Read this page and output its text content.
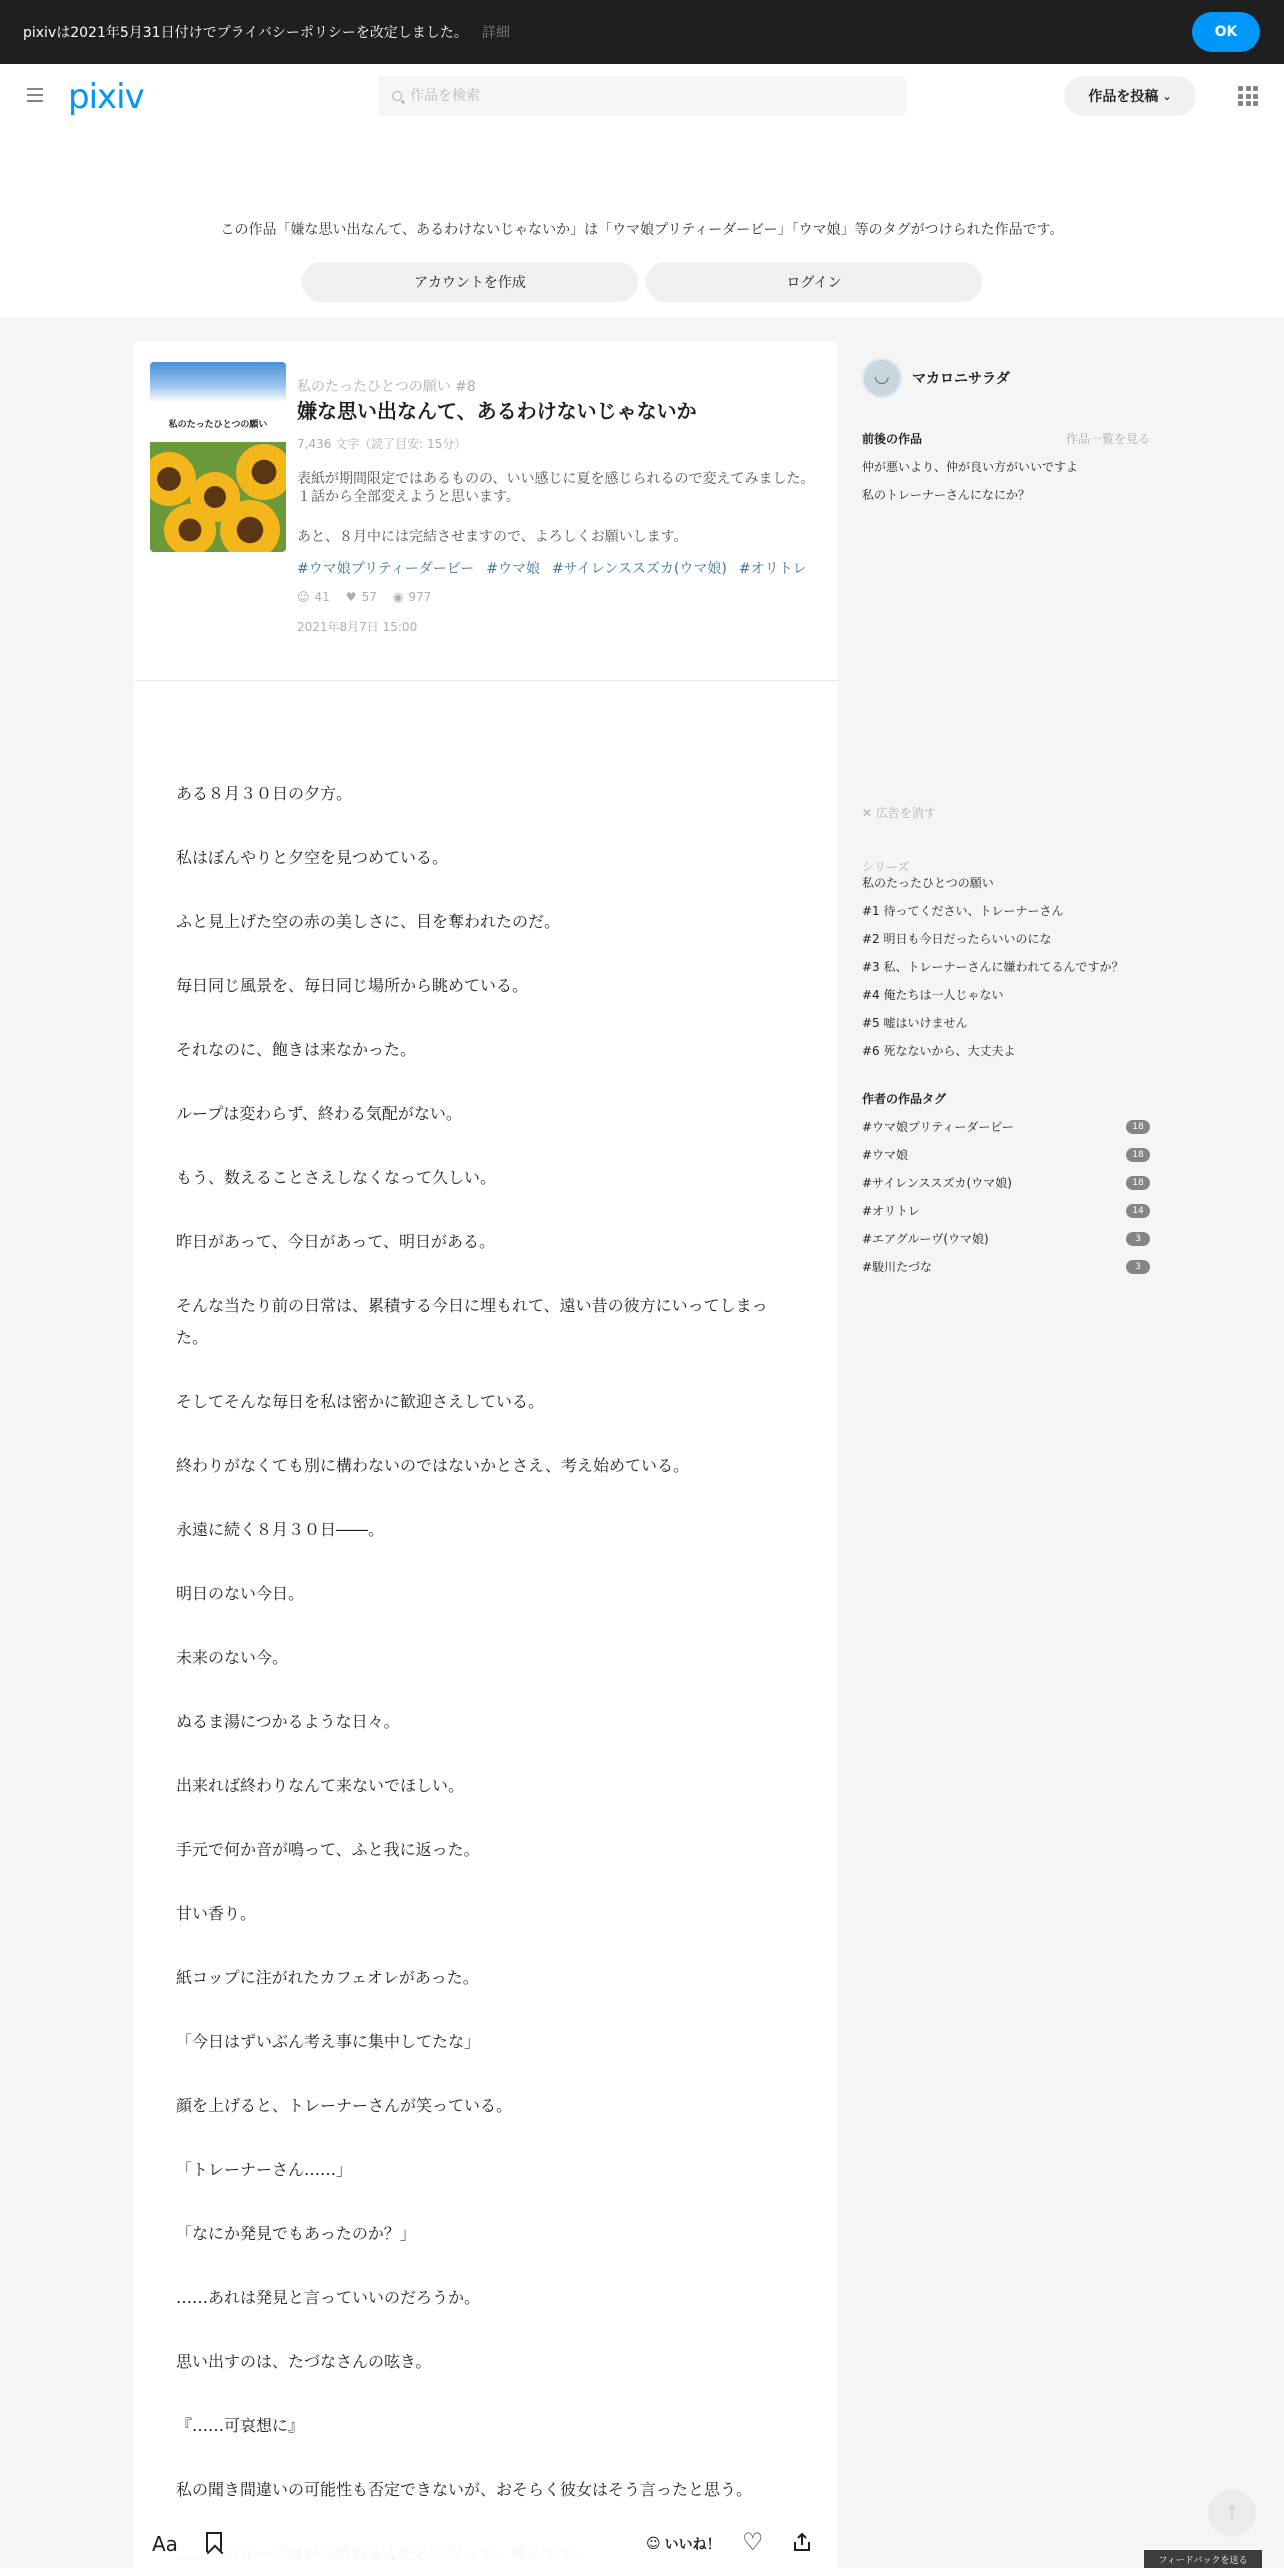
pixivは2021年5月31日付けでプライバシーポリシーを改定しました。 詳細	OK
pixiv
作品を検索	作品を投稿 ⌄
この作品「嫌な思い出なんて、あるわけないじゃないか」は「ウマ娘プリティーダービー」「ウマ娘」等のタグがつけられた作品です。
アカウントを作成	ログイン
私のたったひとつの願い
私のたったひとつの願い #8
嫌な思い出なんて、あるわけないじゃないか
7,436 文字（読了目安: 15分）
表紙が期間限定ではあるものの、いい感じに夏を感じられるので変えてみました。１話から全部変えようと思います。
あと、８月中には完結させますので、よろしくお願いします。
#ウマ娘プリティーダービー #ウマ娘 #サイレンススズカ(ウマ娘) #オリトレ
☺ 41 ♥ 57 ◉ 977
2021年8月7日 15:00

ある８月３０日の夕方。

私はぼんやりと夕空を見つめている。

ふと見上げた空の赤の美しさに、目を奪われたのだ。

毎日同じ風景を、毎日同じ場所から眺めている。

それなのに、飽きは来なかった。

ループは変わらず、終わる気配がない。

もう、数えることさえしなくなって久しい。

昨日があって、今日があって、明日がある。

そんな当たり前の日常は、累積する今日に埋もれて、遠い昔の彼方にいってしまった。

そしてそんな毎日を私は密かに歓迎さえしている。

終わりがなくても別に構わないのではないかとさえ、考え始めている。

永遠に続く８月３０日――。

明日のない今日。

未来のない今。

ぬるま湯につかるような日々。

出来れば終わりなんて来ないでほしい。

手元で何か音が鳴って、ふと我に返った。

甘い香り。

紙コップに注がれたカフェオレがあった。

「今日はずいぶん考え事に集中してたな」

顔を上げると、トレーナーさんが笑っている。

「トレーナーさん……」

「なにか発見でもあったのか？」

……あれは発見と言っていいのだろうか。

思い出すのは、たづなさんの呟き。

『……可哀想に』

私の聞き間違いの可能性も否定できないが、おそらく彼女はそう言ったと思う。

Aa	☺ いいね！ ♡
◡
マカロニサラダ
前後の作品	作品一覧を見る
仲が悪いより、仲が良い方がいいですよ
私のトレーナーさんになにか？
✕ 広告を消す
シリーズ
私のたったひとつの願い
#1 待ってください、トレーナーさん
#2 明日も今日だったらいいのにな
#3 私、トレーナーさんに嫌われてるんですか？
#4 俺たちは一人じゃない
#5 嘘はいけません
#6 死なないから、大丈夫よ
作者の作品タグ
#ウマ娘プリティーダービー	18
#ウマ娘	18
#サイレンススズカ(ウマ娘)	18
#オリトレ	14
#エアグルーヴ(ウマ娘)	3
#駿川たづな	3
↑
フィードバックを送る
